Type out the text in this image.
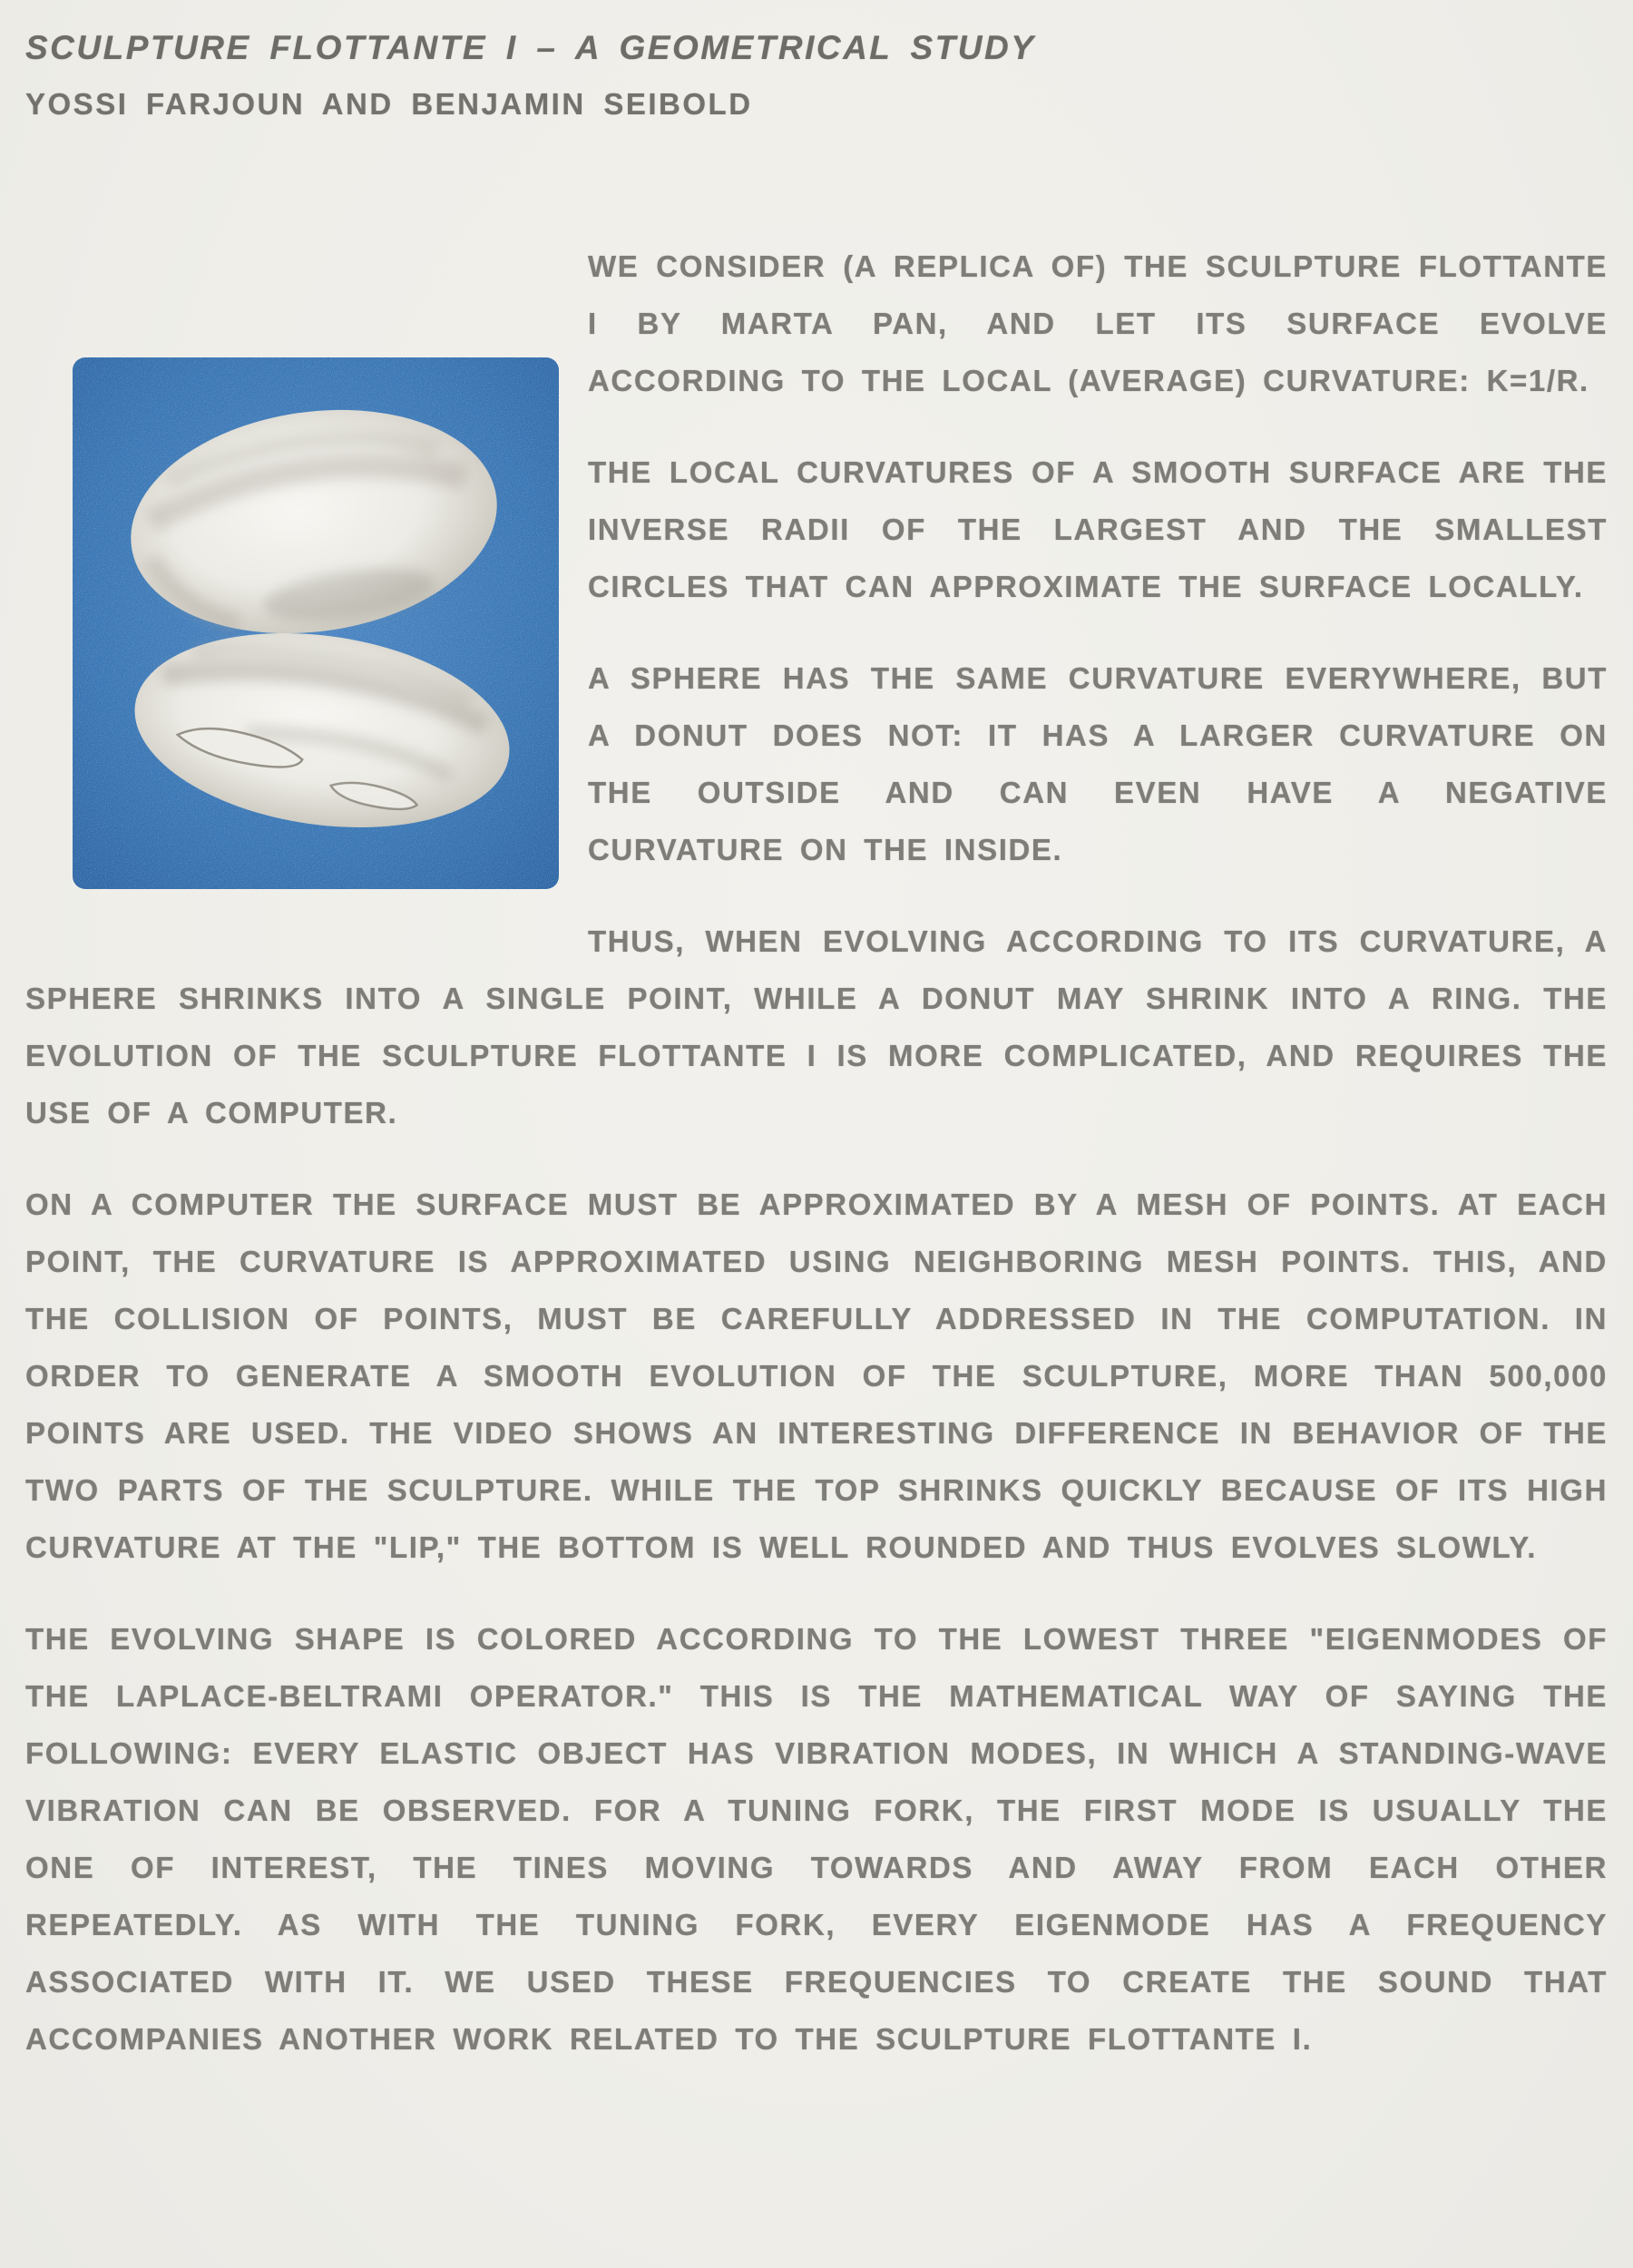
SCULPTURE FLOTTANTE I – A GEOMETRICAL STUDY
YOSSI FARJOUN AND BENJAMIN SEIBOLD

WE CONSIDER (A REPLICA OF) THE SCULPTURE FLOTTANTE I BY MARTA PAN, AND LET ITS SURFACE EVOLVE ACCORDING TO THE LOCAL (AVERAGE) CURVATURE: K=1/R.

THE LOCAL CURVATURES OF A SMOOTH SURFACE ARE THE INVERSE RADII OF THE LARGEST AND THE SMALLEST CIRCLES THAT CAN APPROXIMATE THE SURFACE LOCALLY.

A SPHERE HAS THE SAME CURVATURE EVERYWHERE, BUT A DONUT DOES NOT: IT HAS A LARGER CURVATURE ON THE OUTSIDE AND CAN EVEN HAVE A NEGATIVE CURVATURE ON THE INSIDE.

THUS, WHEN EVOLVING ACCORDING TO ITS CURVATURE, A SPHERE SHRINKS INTO A SINGLE POINT, WHILE A DONUT MAY SHRINK INTO A RING. THE EVOLUTION OF THE SCULPTURE FLOTTANTE I IS MORE COMPLICATED, AND REQUIRES THE USE OF A COMPUTER.

ON A COMPUTER THE SURFACE MUST BE APPROXIMATED BY A MESH OF POINTS. AT EACH POINT, THE CURVATURE IS APPROXIMATED USING NEIGHBORING MESH POINTS. THIS, AND THE COLLISION OF POINTS, MUST BE CAREFULLY ADDRESSED IN THE COMPUTATION. IN ORDER TO GENERATE A SMOOTH EVOLUTION OF THE SCULPTURE, MORE THAN 500,000 POINTS ARE USED. THE VIDEO SHOWS AN INTERESTING DIFFERENCE IN BEHAVIOR OF THE TWO PARTS OF THE SCULPTURE. WHILE THE TOP SHRINKS QUICKLY BECAUSE OF ITS HIGH CURVATURE AT THE "LIP," THE BOTTOM IS WELL ROUNDED AND THUS EVOLVES SLOWLY.

THE EVOLVING SHAPE IS COLORED ACCORDING TO THE LOWEST THREE "EIGENMODES OF THE LAPLACE-BELTRAMI OPERATOR." THIS IS THE MATHEMATICAL WAY OF SAYING THE FOLLOWING: EVERY ELASTIC OBJECT HAS VIBRATION MODES, IN WHICH A STANDING-WAVE VIBRATION CAN BE OBSERVED. FOR A TUNING FORK, THE FIRST MODE IS USUALLY THE ONE OF INTEREST, THE TINES MOVING TOWARDS AND AWAY FROM EACH OTHER REPEATEDLY. AS WITH THE TUNING FORK, EVERY EIGENMODE HAS A FREQUENCY ASSOCIATED WITH IT. WE USED THESE FREQUENCIES TO CREATE THE SOUND THAT ACCOMPANIES ANOTHER WORK RELATED TO THE SCULPTURE FLOTTANTE I.
